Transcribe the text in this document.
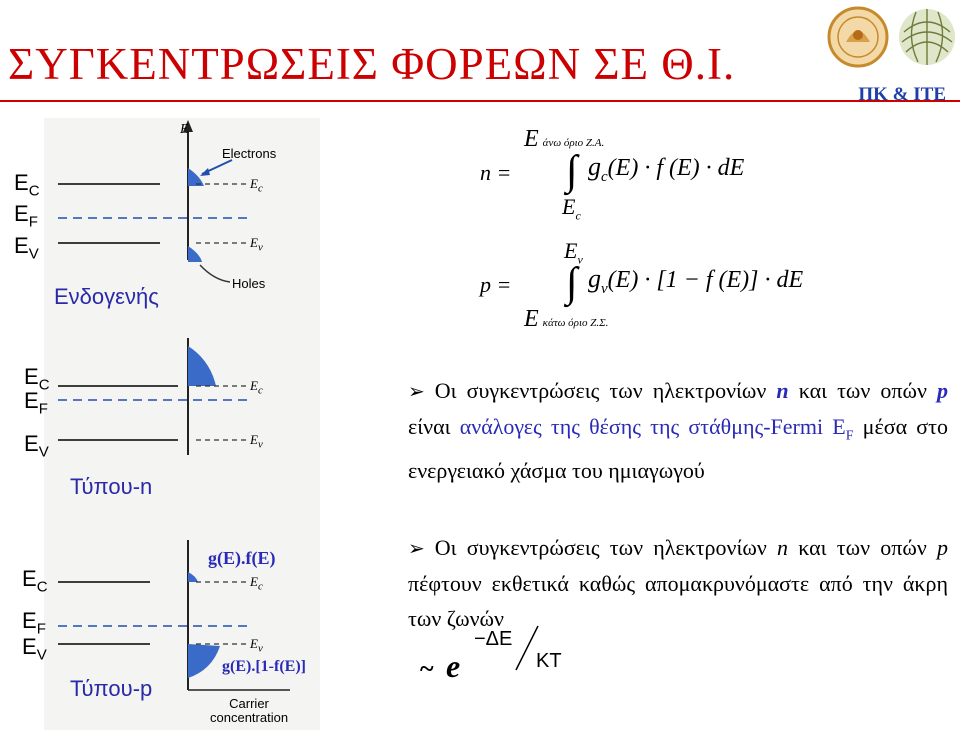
ΣΥΓΚΕΝΤΡΩΣΕΙΣ ΦΟΡΕΩΝ ΣΕ Θ.Ι.
ΠΚ & ΙΤΕ
E
Electrons
Holes
$E_c$
$E_v$
$E_c$
$E_v$
$E_c$
$E_v$
g(E).f(E)
g(E).[1-f(E)]
Carrier
concentration
$E_C$
$E_F$
$E_V$
Ενδογενής
$E_C$
$E_F$
$E_V$
Τύπου-n
$E_C$
$E_F$
$E_V$
Τύπου-p
n =
Eάνω όριο Ζ.Α.
∫
$E_c$
$g_c(E) \cdot f$ (E) · dE
p =
$E_v$
∫
Eκάτω όριο Ζ.Σ.
$g_v(E) \cdot [1 - f$ (E)] · dE
➢ Οι συγκεντρώσεις των ηλεκτρονίων n και των οπών p είναι ανάλογες της θέσης της στάθμης-Fermi $E_F$ μέσα στο ενεργειακό χάσμα του ημιαγωγού
➢ Οι συγκεντρώσεις των ηλεκτρονίων n και των οπών p πέφτουν εκθετικά καθώς απομακρυνόμαστε από την άκρη των ζωνών
~ e
−ΔE
KT
